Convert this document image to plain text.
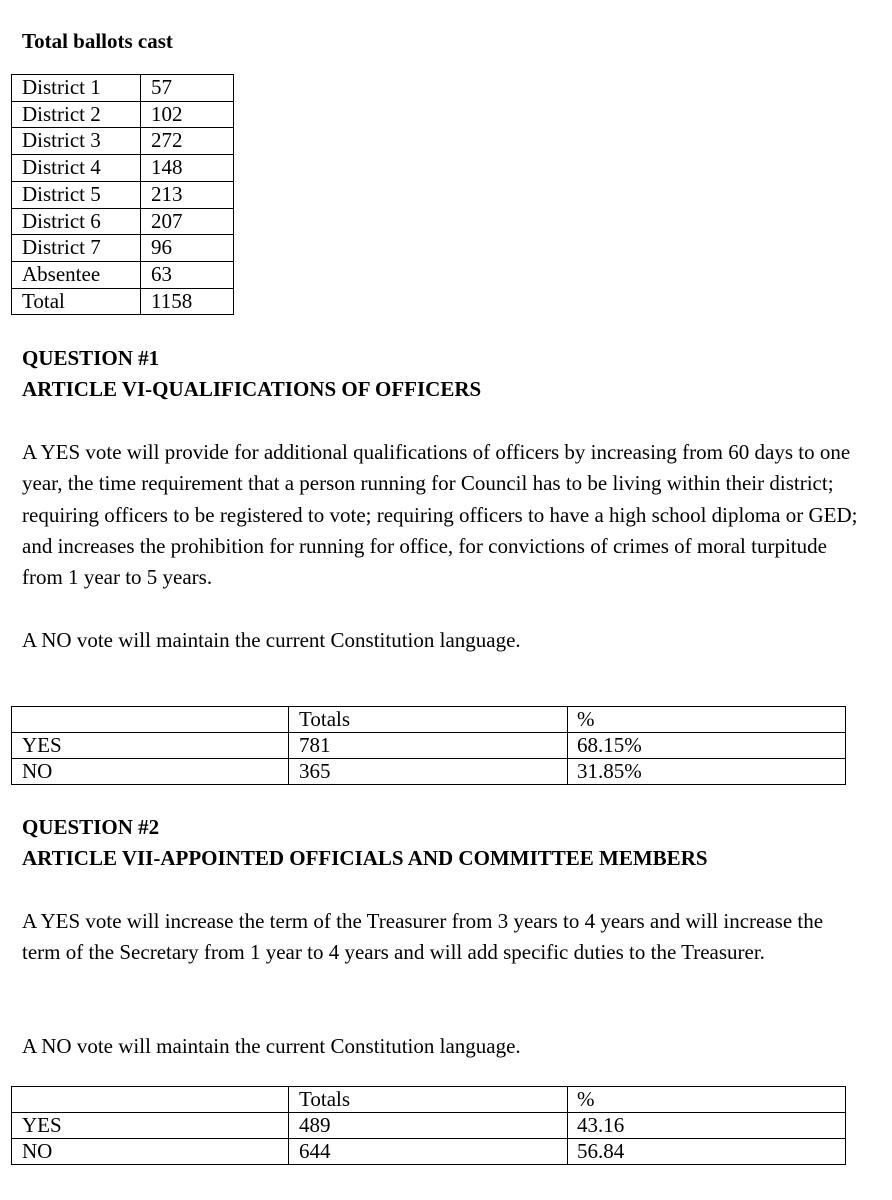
Total ballots cast
District 1	57
District 2	102
District 3	272
District 4	148
District 5	213
District 6	207
District 7	96
Absentee	63
Total	1158
QUESTION #1
ARTICLE VI-QUALIFICATIONS OF OFFICERS
A YES vote will provide for additional qualifications of officers by increasing from 60 days to one year, the time requirement that a person running for Council has to be living within their district; requiring officers to be registered to vote; requiring officers to have a high school diploma or GED; and increases the prohibition for running for office, for convictions of crimes of moral turpitude from 1 year to 5 years.
A NO vote will maintain the current Constitution language.
	Totals	%
YES	781	68.15%
NO	365	31.85%
QUESTION #2
ARTICLE VII-APPOINTED OFFICIALS AND COMMITTEE MEMBERS
A YES vote will increase the term of the Treasurer from 3 years to 4 years and will increase the term of the Secretary from 1 year to 4 years and will add specific duties to the Treasurer.
A NO vote will maintain the current Constitution language.
	Totals	%
YES	489	43.16
NO	644	56.84
